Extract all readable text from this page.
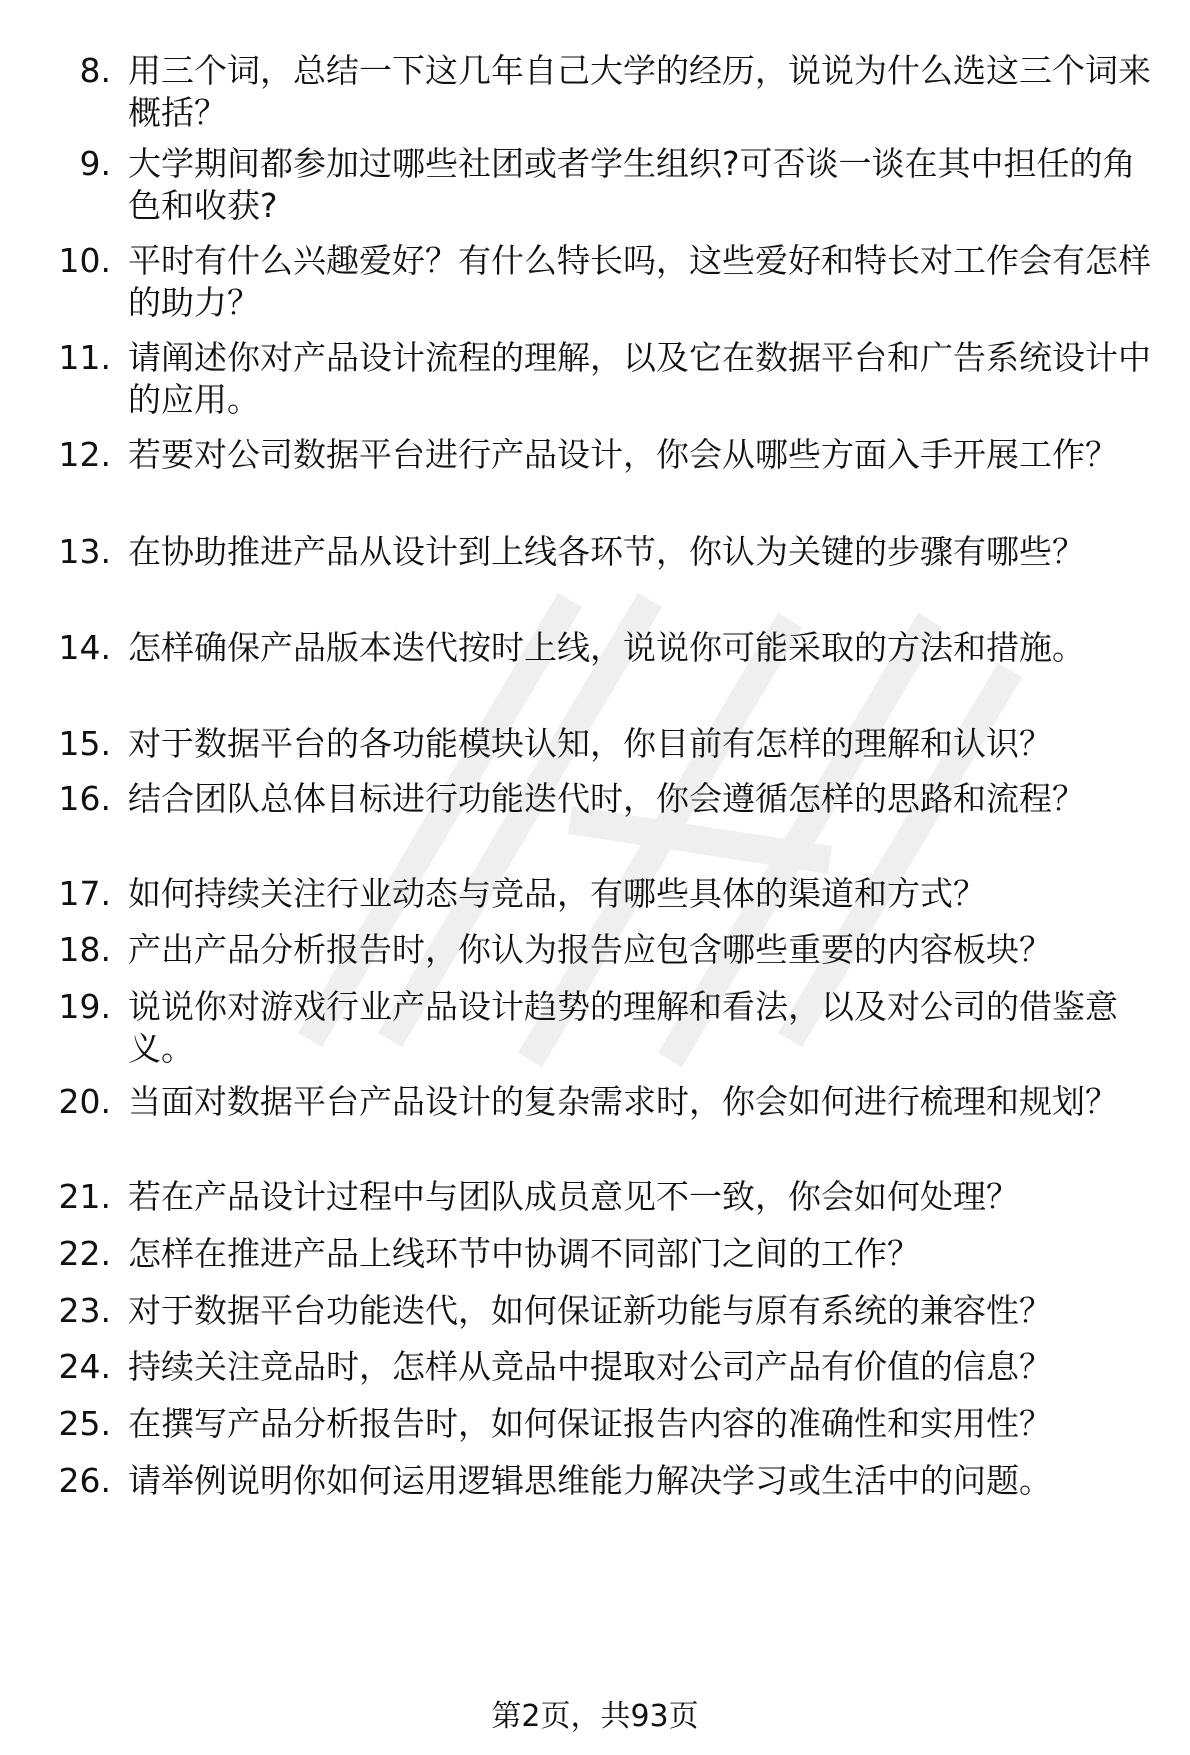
8. 用三个词，总结一下这几年自己大学的经历，说说为什么选这三个词来概括？
9. 大学期间都参加过哪些社团或者学生组织?可否谈一谈在其中担任的角色和收获?
10. 平时有什么兴趣爱好？有什么特长吗，这些爱好和特长对工作会有怎样的助力？
11. 请阐述你对产品设计流程的理解，以及它在数据平台和广告系统设计中的应用。
12. 若要对公司数据平台进行产品设计，你会从哪些方面入手开展工作？
13. 在协助推进产品从设计到上线各环节，你认为关键的步骤有哪些？
14. 怎样确保产品版本迭代按时上线，说说你可能采取的方法和措施。
15. 对于数据平台的各功能模块认知，你目前有怎样的理解和认识？
16. 结合团队总体目标进行功能迭代时，你会遵循怎样的思路和流程？
17. 如何持续关注行业动态与竞品，有哪些具体的渠道和方式？
18. 产出产品分析报告时，你认为报告应包含哪些重要的内容板块？
19. 说说你对游戏行业产品设计趋势的理解和看法，以及对公司的借鉴意义。
20. 当面对数据平台产品设计的复杂需求时，你会如何进行梳理和规划？
21. 若在产品设计过程中与团队成员意见不一致，你会如何处理？
22. 怎样在推进产品上线环节中协调不同部门之间的工作？
23. 对于数据平台功能迭代，如何保证新功能与原有系统的兼容性？
24. 持续关注竞品时，怎样从竞品中提取对公司产品有价值的信息？
25. 在撰写产品分析报告时，如何保证报告内容的准确性和实用性？
26. 请举例说明你如何运用逻辑思维能力解决学习或生活中的问题。
第2页，共93页
